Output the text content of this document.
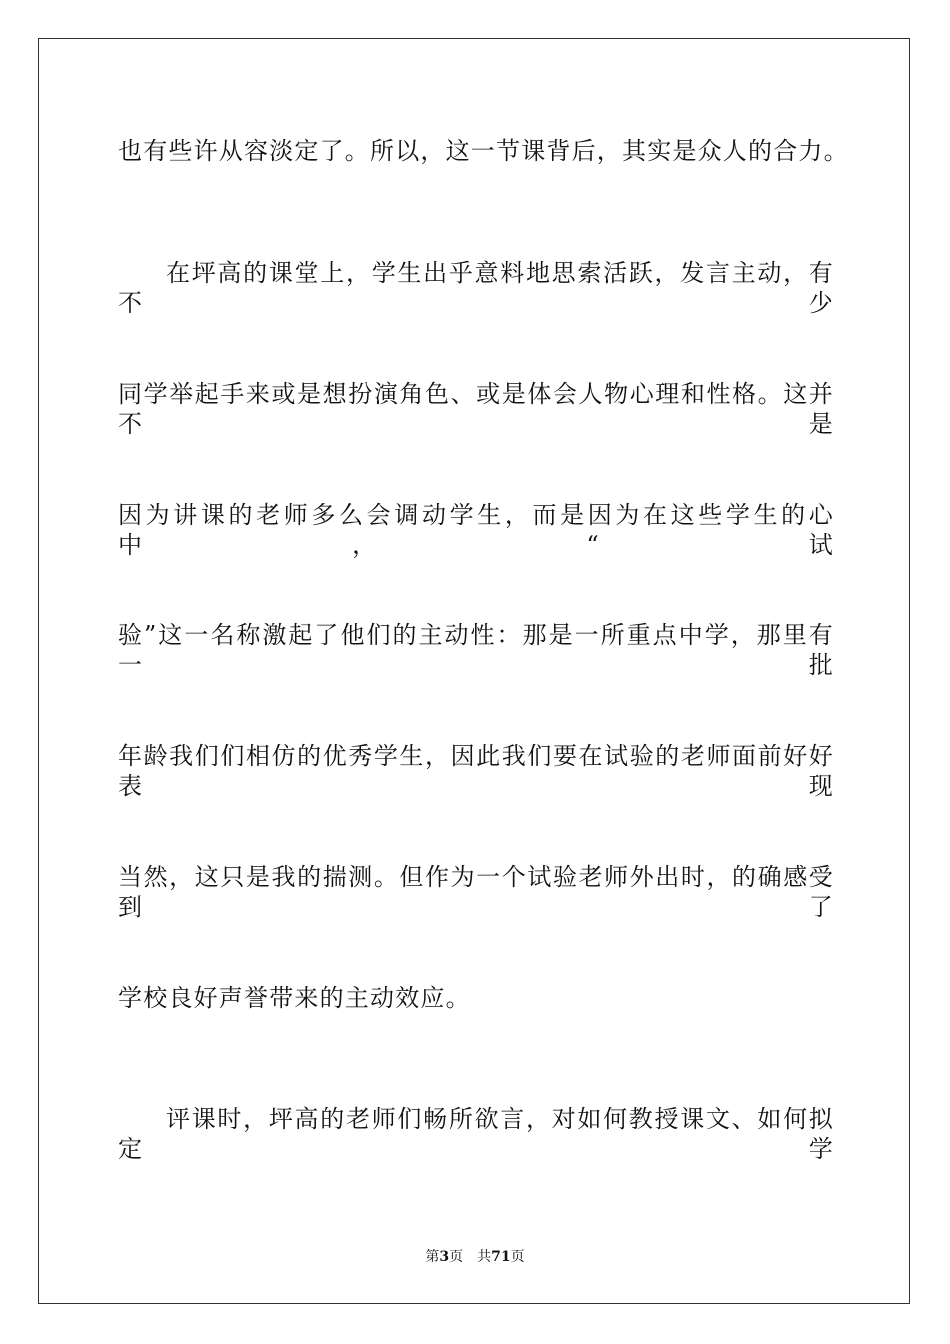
也有些许从容淡定了。所以，这一节课背后，其实是众人的合力。
在坪高的课堂上，学生出乎意料地思索活跃，发言主动，有不少
同学举起手来或是想扮演角色、或是体会人物心理和性格。这并不是
因为讲课的老师多么会调动学生，而是因为在这些学生的心中，“试
验”这一名称激起了他们的主动性：那是一所重点中学，那里有一批
年龄我们们相仿的优秀学生，因此我们要在试验的老师面前好好表现
当然，这只是我的揣测。但作为一个试验老师外出时，的确感受到了
学校良好声誉带来的主动效应。
评课时，坪高的老师们畅所欲言，对如何教授课文、如何拟定学
第3页 共71页
